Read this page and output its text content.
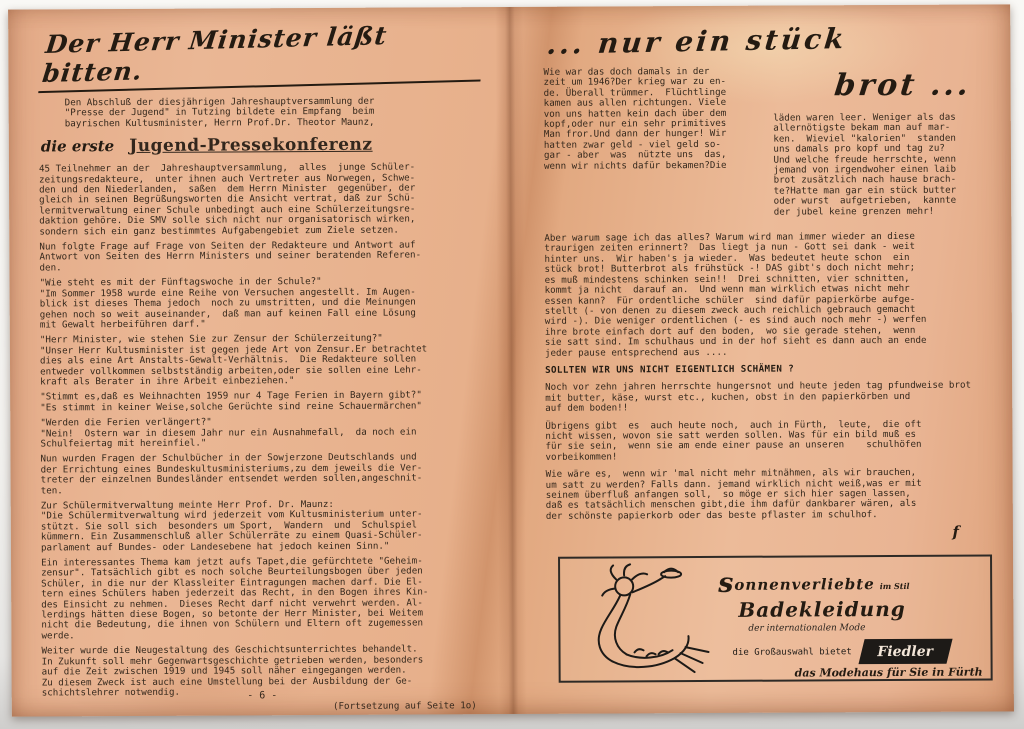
Der Herr Minister läßt bitten.

Den Abschluß der diesjährigen Jahreshauptversammlung der
"Presse der Jugend" in Tutzing bildete ein Empfang  beim
bayrischen Kultusminister, Herrn Prof.Dr. Theotor Maunz,

die erste Jugend-Pressekonferenz

45 Teilnehmer an der  Jahreshauptversammlung,  alles  junge Schüler-
zeitungsredakteure,  unter ihnen auch Vertreter aus Norwegen, Schwe-
den und den Niederlanden,  saßen  dem Herrn Minister  gegenüber, der
gleich in seinen Begrüßungsworten die Ansicht vertrat, daß zur Schü-
lermitverwaltung einer Schule unbedingt auch eine Schülerzeitungsre-
daktion gehöre. Die SMV solle sich nicht nur organisatorisch wirken,
sondern sich ein ganz bestimmtes Aufgabengebiet zum Ziele setzen.

Nun folgte Frage auf Frage von Seiten der Redakteure und Antwort auf
Antwort von Seiten des Herrn Ministers und seiner beratenden Referen-
den.

"Wie steht es mit der Fünftagswoche in der Schule?"
"Im Sommer 1958 wurde eine Reihe von Versuchen angestellt. Im Augen-
blick ist dieses Thema jedoch  noch zu umstritten, und die Meinungen
gehen noch so weit auseinander,  daß man auf keinen Fall eine Lösung
mit Gewalt herbeiführen darf."

"Herr Minister, wie stehen Sie zur Zensur der Schülerzeitung?"
"Unser Herr Kultusminister ist gegen jede Art von Zensur.Er betrachtet
dies als eine Art Anstalts-Gewalt-Verhältnis.  Die Redakteure sollen
entweder vollkommen selbstständig arbeiten,oder sie sollen eine Lehr-
kraft als Berater in ihre Arbeit einbeziehen."

"Stimmt es,daß es Weihnachten 1959 nur 4 Tage Ferien in Bayern gibt?"
"Es stimmt in keiner Weise,solche Gerüchte sind reine Schauermärchen"

"Werden die Ferien verlängert?"
"Nein!  Ostern war in diesem Jahr nur ein Ausnahmefall,  da noch ein
Schulfeiertag mit hereinfiel."

Nun wurden Fragen der Schulbücher in der Sowjerzone Deutschlands und
der Errichtung eines Bundeskultusministeriums,zu dem jeweils die Ver-
treter der einzelnen Bundesländer entsendet werden sollen,angeschnit-
ten.

Zur Schülermitverwaltung meinte Herr Prof. Dr. Maunz:
"Die Schülermitverwaltung wird jederzeit vom Kultusministerium unter-
stützt. Sie soll sich  besonders um Sport,  Wandern  und  Schulspiel
kümmern. Ein Zusammenschluß aller Schülerräte zu einem Quasi-Schüler-
parlament auf Bundes- oder Landesebene hat jedoch keinen Sinn."

Ein interessantes Thema kam jetzt aufs Tapet,die gefürchtete "Geheim-
zensur". Tatsächlich gibt es noch solche Beurteilungsbogen über jeden
Schüler, in die nur der Klassleiter Eintragungen machen darf. Die El-
tern eines Schülers haben jederzeit das Recht, in den Bogen ihres Kin-
des Einsicht zu nehmen.  Dieses Recht darf nicht verwehrt werden. Al-
lerdings hätten diese Bogen, so betonte der Herr Minister, bei Weitem
nicht die Bedeutung, die ihnen von Schülern und Eltern oft zugemessen
werde.

Weiter wurde die Neugestaltung des Geschichtsunterrichtes behandelt.
In Zukunft soll mehr Gegenwartsgeschichte getrieben werden, besonders
auf die Zeit zwischen 1919 und 1945 soll näher eingegangen werden.
Zu diesem Zweck ist auch eine Umstellung bei der Ausbildung der Ge-
schichtslehrer notwendig.

(Fortsetzung auf Seite 1o)

- 6 -
... nur ein stück
Wie war das doch damals in der
zeit um 1946?Der krieg war zu en-
de. Überall trümmer.  Flüchtlinge
kamen aus allen richtungen. Viele
von uns hatten kein dach über dem
kopf,oder nur ein sehr primitives
Man fror.Und dann der hunger! Wir
hatten zwar geld - viel geld so-
gar - aber  was  nützte uns  das,
wenn wir nichts dafür bekamen?Die
brot ...
läden waren leer. Weniger als das
allernötigste bekam man auf mar-
ken.  Wieviel "kalorien"  standen
uns damals pro kopf und tag zu?
Und welche freude herrschte, wenn
jemand von irgendwoher einen laib
brot zusätzlich nach hause brach-
te?Hatte man gar ein stück butter
oder wurst  aufgetrieben,  kannte
der jubel keine grenzen mehr!

Aber warum sage ich das alles? Warum wird man immer wieder an diese
traurigen zeiten erinnert?  Das liegt ja nun - Gott sei dank - weit
hinter uns.  Wir haben's ja wieder.  Was bedeutet heute schon  ein
stück brot! Butterbrot als frühstück -! DAS gibt's doch nicht mehr;
es muß mindestens schinken sein!!  Drei schnitten, vier schnitten,
kommt ja nicht  darauf an.  Und wenn man wirklich etwas nicht mehr
essen kann?  Für ordentliche schüler  sind dafür papierkörbe aufge-
stellt (- von denen zu diesem zweck auch reichlich gebrauch gemacht
wird -). Die weniger ordentlichen (- es sind auch noch mehr -) werfen
ihre brote einfach dort auf den boden,  wo sie gerade stehen,  wenn
sie satt sind. Im schulhaus und in der hof sieht es dann auch an ende
jeder pause entsprechend aus ....

SOLLTEN WIR UNS NICHT EIGENTLICH SCHÄMEN ?

Noch vor zehn jahren herrschte hungersnot und heute jeden tag pfundweise brot
mit butter, käse, wurst etc., kuchen, obst in den papierkörben und
auf dem boden!!

Übrigens gibt  es  auch heute noch,  auch in Fürth,  leute,  die oft
nicht wissen, wovon sie satt werden sollen. Was für ein bild muß es
für sie sein,  wenn sie am ende einer pause an unseren    schulhöfen
vorbeikommen!

Wie wäre es,  wenn wir 'mal nicht mehr mitnähmen, als wir brauchen,
um satt zu werden? Falls dann. jemand wirklich nicht weiß,was er mit
seinem überfluß anfangen soll,  so möge er sich hier sagen lassen,
daß es tatsächlich menschen gibt,die ihm dafür dankbarer wären, als
der schönste papierkorb oder das beste pflaster im schulhof.

f
sonnenverliebte im Stil
Badekleidung
der internationalen Mode
die Großauswahl bietet	Fiedler
das Modehaus für Sie in Fürth
